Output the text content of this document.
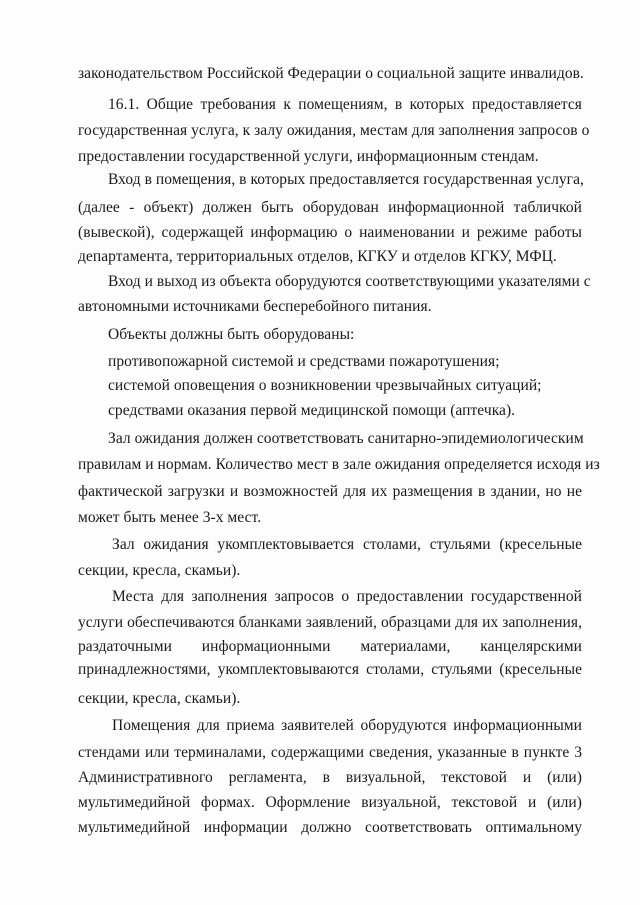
законодательством Российской Федерации о социальной защите инвалидов.
16.1. Общие требования к помещениям, в которых предоставляется
государственная услуга, к залу ожидания, местам для заполнения запросов о
предоставлении государственной услуги, информационным стендам.
Вход в помещения, в которых предоставляется государственная услуга,
(далее - объект) должен быть оборудован информационной табличкой
(вывеской), содержащей информацию о наименовании и режиме работы
департамента, территориальных отделов, КГКУ и отделов КГКУ, МФЦ.
Вход и выход из объекта оборудуются соответствующими указателями с
автономными источниками бесперебойного питания.
Объекты должны быть оборудованы:
противопожарной системой и средствами пожаротушения;
системой оповещения о возникновении чрезвычайных ситуаций;
средствами оказания первой медицинской помощи (аптечка).
Зал ожидания должен соответствовать санитарно-эпидемиологическим
правилам и нормам. Количество мест в зале ожидания определяется исходя из
фактической загрузки и возможностей для их размещения в здании, но не
может быть менее 3-х мест.
Зал ожидания укомплектовывается столами, стульями (кресельные
секции, кресла, скамьи).
Места для заполнения запросов о предоставлении государственной
услуги обеспечиваются бланками заявлений, образцами для их заполнения,
раздаточными информационными материалами, канцелярскими
принадлежностями, укомплектовываются столами, стульями (кресельные
секции, кресла, скамьи).
Помещения для приема заявителей оборудуются информационными
стендами или терминалами, содержащими сведения, указанные в пункте 3
Административного регламента, в визуальной, текстовой и (или)
мультимедийной формах. Оформление визуальной, текстовой и (или)
мультимедийной информации должно соответствовать оптимальному
